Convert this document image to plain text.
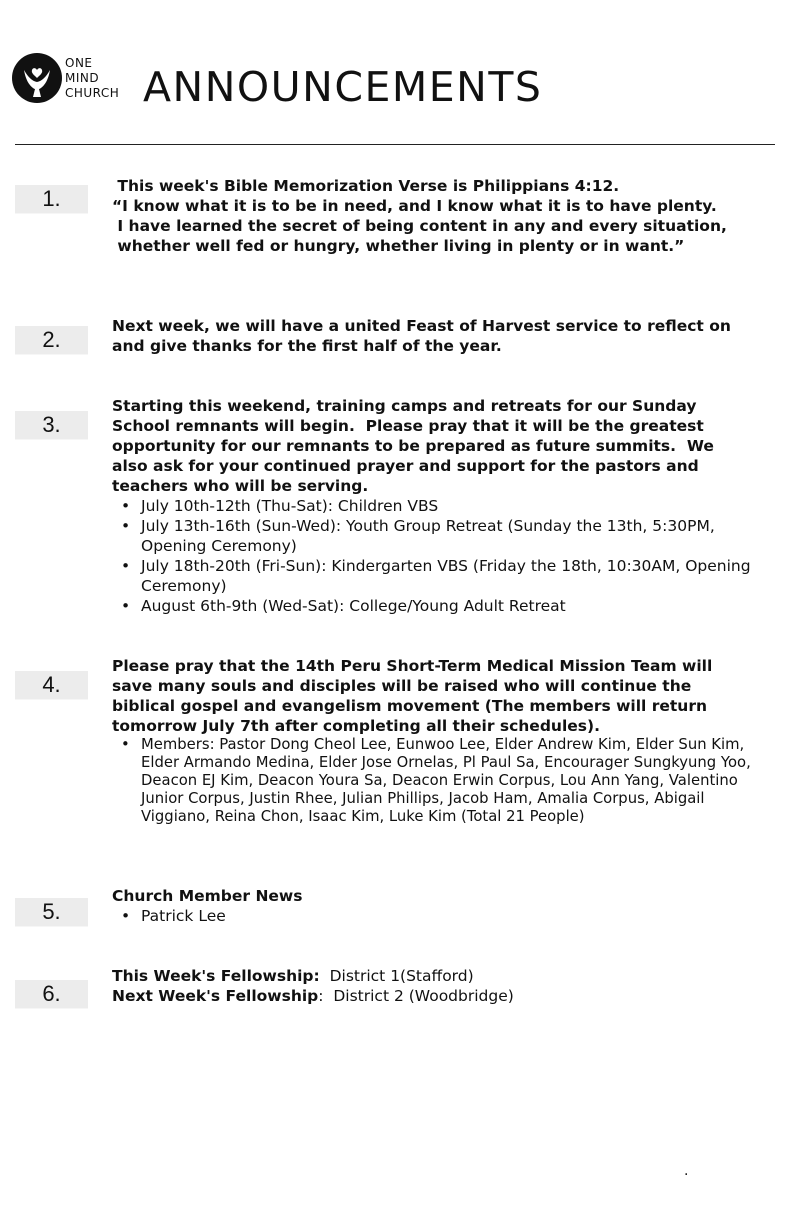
ONE
MIND
CHURCH ANNOUNCEMENTS
1.	This week's Bible Memorization Verse is Philippians 4:12.
“I know what it is to be in need, and I know what it is to have plenty.
I have learned the secret of being content in any and every situation,
whether well fed or hungry, whether living in plenty or in want.”
2.
Next week, we will have a united Feast of Harvest service to reflect on
and give thanks for the first half of the year.
3.
Starting this weekend, training camps and retreats for our Sunday
School remnants will begin.  Please pray that it will be the greatest
opportunity for our remnants to be prepared as future summits.  We
also ask for your continued prayer and support for the pastors and
teachers who will be serving.
• July 10th-12th (Thu-Sat): Children VBS
• July 13th-16th (Sun-Wed): Youth Group Retreat (Sunday the 13th, 5:30PM, Opening Ceremony)
• July 18th-20th (Fri-Sun): Kindergarten VBS (Friday the 18th, 10:30AM, Opening Ceremony)
• August 6th-9th (Wed-Sat): College/Young Adult Retreat
4.
Please pray that the 14th Peru Short-Term Medical Mission Team will
save many souls and disciples will be raised who will continue the
biblical gospel and evangelism movement (The members will return
tomorrow July 7th after completing all their schedules).
• Members: Pastor Dong Cheol Lee, Eunwoo Lee, Elder Andrew Kim, Elder Sun Kim, Elder Armando Medina, Elder Jose Ornelas, Pl Paul Sa, Encourager Sungkyung Yoo, Deacon EJ Kim, Deacon Youra Sa, Deacon Erwin Corpus, Lou Ann Yang, Valentino Junior Corpus, Justin Rhee, Julian Phillips, Jacob Ham, Amalia Corpus, Abigail Viggiano, Reina Chon, Isaac Kim, Luke Kim (Total 21 People)
5.
Church Member News
• Patrick Lee
6.
This Week's Fellowship:  District 1(Stafford)
Next Week's Fellowship:  District 2 (Woodbridge)
.
